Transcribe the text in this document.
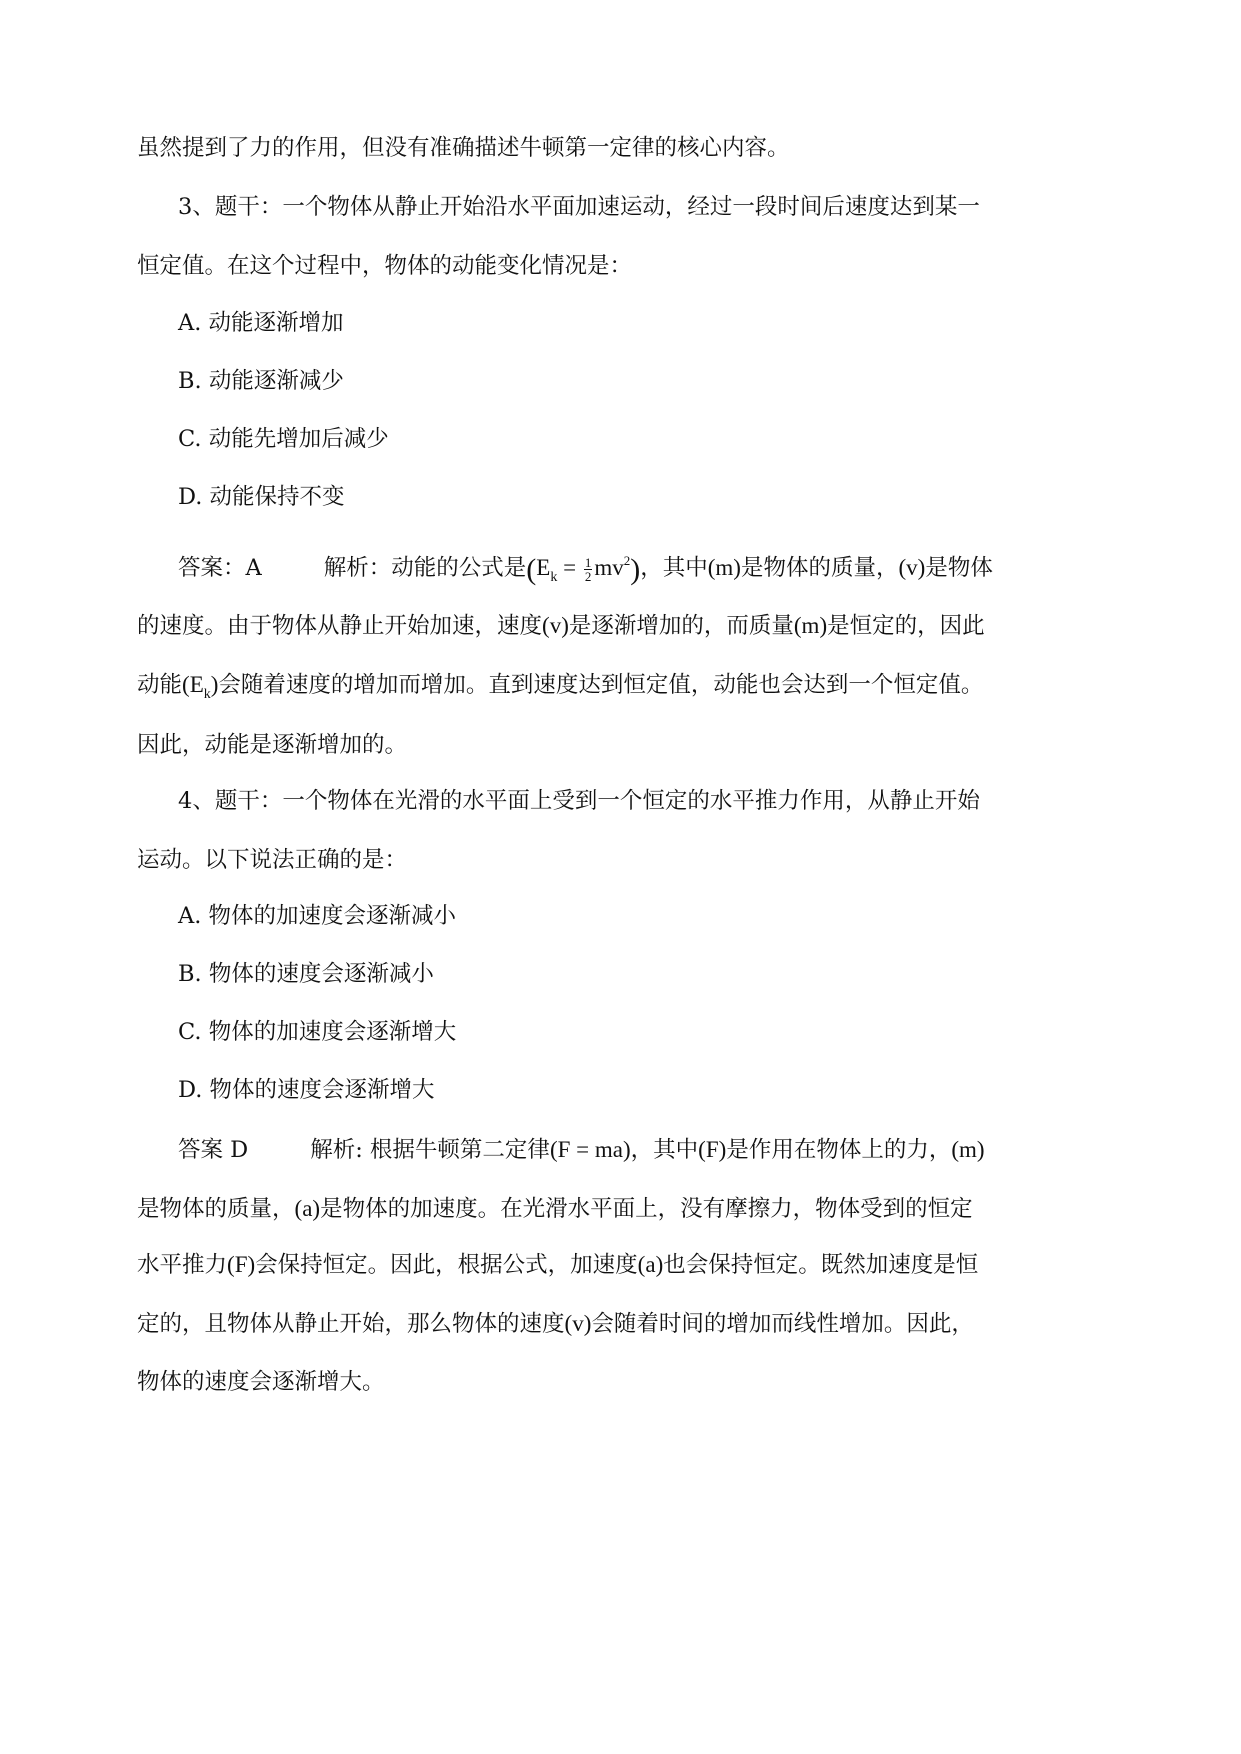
虽然提到了力的作用，但没有准确描述牛顿第一定律的核心内容。
3、题干：一个物体从静止开始沿水平面加速运动，经过一段时间后速度达到某一
恒定值。在这个过程中，物体的动能变化情况是：
A. 动能逐渐增加
B. 动能逐渐减少
C. 动能先增加后减少
D. 动能保持不变
答案：A	解析：动能的公式是$(E_k = \frac{1}{2} mv^2)$，其中(m)是物体的质量，(v)是物体
的速度。由于物体从静止开始加速，速度(v)是逐渐增加的，而质量(m)是恒定的，因此
动能$(E_k)$会随着速度的增加而增加。直到速度达到恒定值，动能也会达到一个恒定值。
因此，动能是逐渐增加的。
4、题干：一个物体在光滑的水平面上受到一个恒定的水平推力作用，从静止开始
运动。以下说法正确的是：
A. 物体的加速度会逐渐减小
B. 物体的速度会逐渐减小
C. 物体的加速度会逐渐增大
D. 物体的速度会逐渐增大
答案 D	解析: 根据牛顿第二定律(F = ma)，其中(F)是作用在物体上的力，(m)
是物体的质量，(a)是物体的加速度。在光滑水平面上，没有摩擦力，物体受到的恒定
水平推力(F)会保持恒定。因此，根据公式，加速度(a)也会保持恒定。既然加速度是恒
定的，且物体从静止开始，那么物体的速度(v)会随着时间的增加而线性增加。因此，
物体的速度会逐渐增大。
